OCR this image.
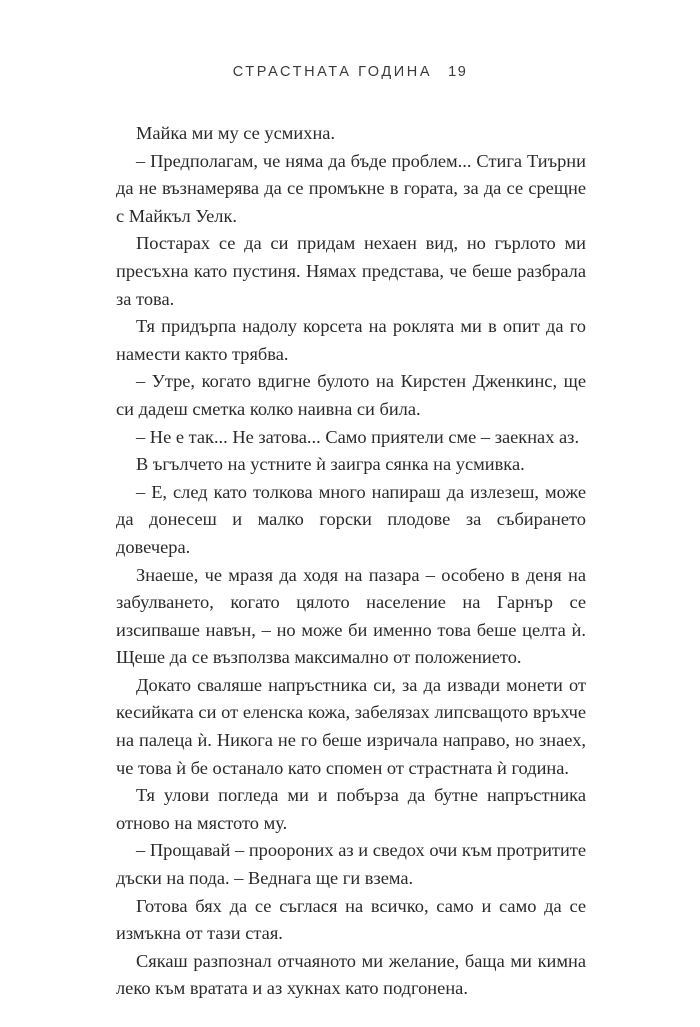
СТРАСТНАТА ГОДИНА 19

Майка ми му се усмихна.

– Предполагам, че няма да бъде проблем... Стига Тиърни да не възнамерява да се промъкне в гората, за да се срещне с Майкъл Уелк.

Постарах се да си придам нехаен вид, но гърлото ми пресъхна като пустиня. Нямах представа, че беше разбрала за това.

Тя придърпа надолу корсета на роклята ми в опит да го намести както трябва.

– Утре, когато вдигне булото на Кирстен Дженкинс, ще си дадеш сметка колко наивна си била.

– Не е так... Не затова... Само приятели сме – заекнах аз.

В ъгълчето на устните ѝ заигра сянка на усмивка.

– Е, след като толкова много напираш да излезеш, може да донесеш и малко горски плодове за събирането довечера.

Знаеше, че мразя да ходя на пазара – особено в деня на забулването, когато цялото население на Гарнър се изсипваше навън, – но може би именно това беше целта ѝ. Щеше да се възползва максимално от положението.

Докато сваляше напръстника си, за да извади монети от кесийката си от еленска кожа, забелязах липсващото връхче на палеца ѝ. Никога не го беше изричала направо, но знаех, че това ѝ бе останало като спомен от страстната ѝ година.

Тя улови погледа ми и побърза да бутне напръстника отново на мястото му.

– Прощавай – проороних аз и сведох очи към протритите дъски на пода. – Веднага ще ги взема.

Готова бях да се съглася на всичко, само и само да се измъкна от тази стая.

Сякаш разпознал отчаяното ми желание, баща ми кимна леко към вратата и аз хукнах като подгонена.
